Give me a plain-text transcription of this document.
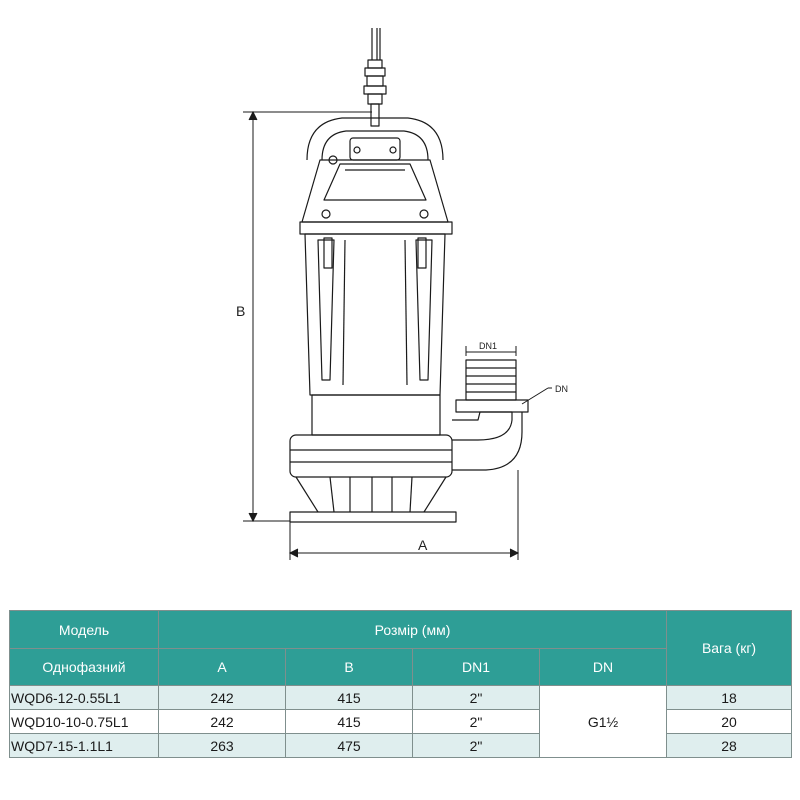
B
A
DN1
DN
Модель	Розмір (мм)				Вага (кг)
Однофазний	A	B	DN1	DN	
WQD6-12-0.55L1	242	415	2"	G1½	18
WQD10-10-0.75L1	242	415	2"		20
WQD7-15-1.1L1	263	475	2"		28
